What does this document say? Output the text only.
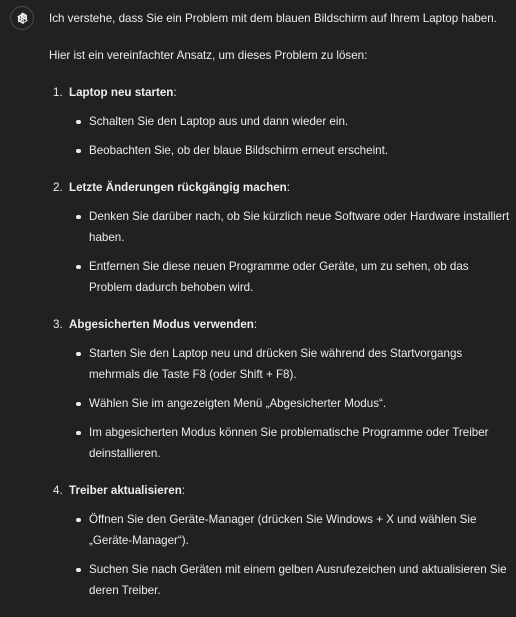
Ich verstehe, dass Sie ein Problem mit dem blauen Bildschirm auf Ihrem Laptop haben.

Hier ist ein vereinfachter Ansatz, um dieses Problem zu lösen:

1. Laptop neu starten:
Schalten Sie den Laptop aus und dann wieder ein.
Beobachten Sie, ob der blaue Bildschirm erneut erscheint.
2. Letzte Änderungen rückgängig machen:
Denken Sie darüber nach, ob Sie kürzlich neue Software oder Hardware installiert haben.
Entfernen Sie diese neuen Programme oder Geräte, um zu sehen, ob das Problem dadurch behoben wird.
3. Abgesicherten Modus verwenden:
Starten Sie den Laptop neu und drücken Sie während des Startvorgangs mehrmals die Taste F8 (oder Shift + F8).
Wählen Sie im angezeigten Menü „Abgesicherter Modus“.
Im abgesicherten Modus können Sie problematische Programme oder Treiber deinstallieren.
4. Treiber aktualisieren:
Öffnen Sie den Geräte-Manager (drücken Sie Windows + X und wählen Sie „Geräte-Manager“).
Suchen Sie nach Geräten mit einem gelben Ausrufezeichen und aktualisieren Sie deren Treiber.
